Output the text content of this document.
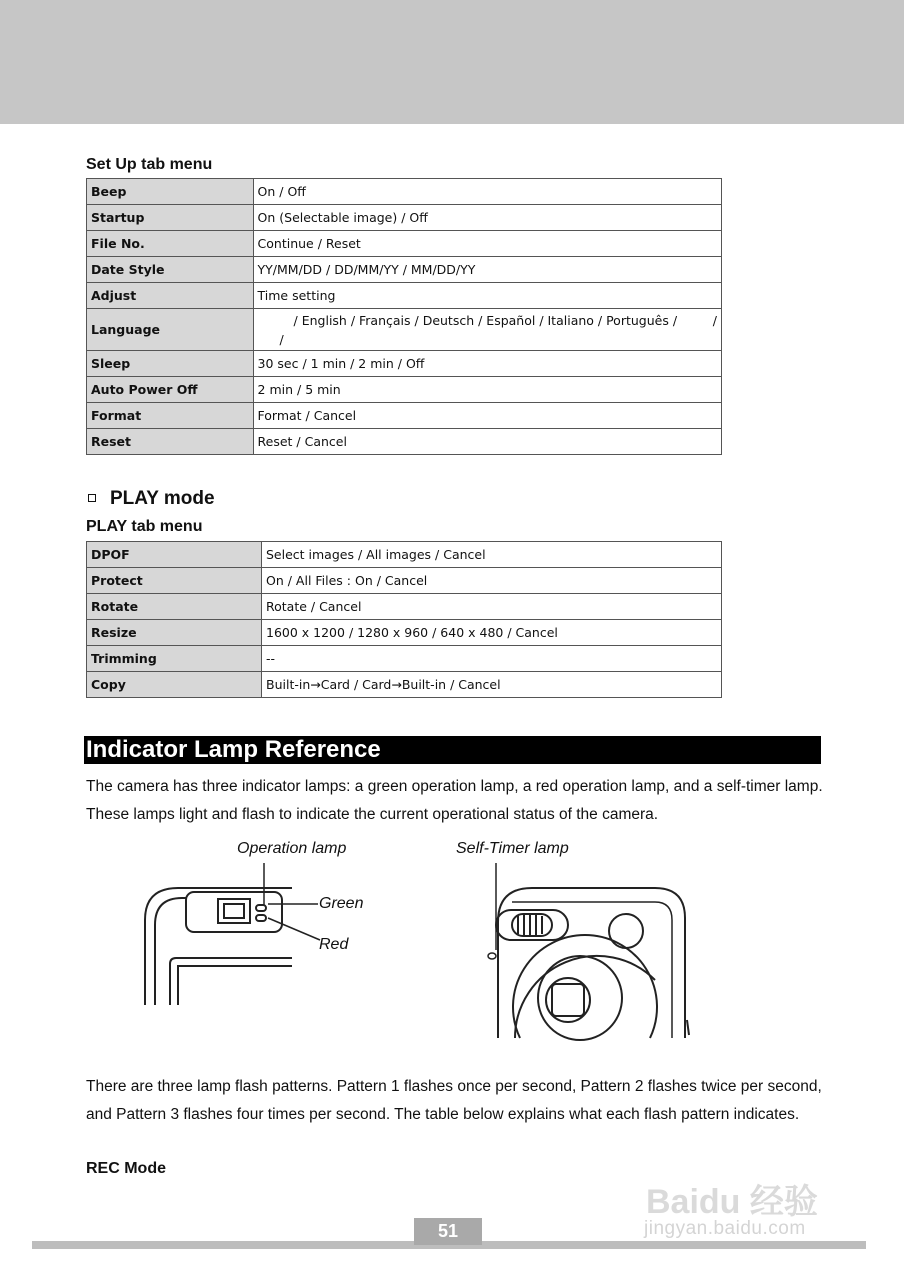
Set Up tab menu
Beep	On / Off
Startup	On (Selectable image) / Off
File No.	Continue / Reset
Date Style	YY/MM/DD / DD/MM/YY / MM/DD/YY
Adjust	Time setting
Language	/ English / Français / Deutsch / Español / Italiano / Português /         /
/

Sleep	30 sec / 1 min / 2 min / Off
Auto Power Off	2 min / 5 min
Format	Format / Cancel
Reset	Reset / Cancel
PLAY mode
PLAY tab menu
DPOF	Select images / All images / Cancel
Protect	On / All Files : On / Cancel
Rotate	Rotate / Cancel
Resize	1600 x 1200 / 1280 x 960 / 640 x 480 / Cancel
Trimming	--
Copy	Built-in→Card / Card→Built-in / Cancel
Indicator Lamp Reference
The camera has three indicator lamps: a green operation lamp, a red operation lamp, and a self-timer lamp. These lamps light and flash to indicate the current operational status of the camera.
Operation lamp	Self-Timer lamp
Green
Red
There are three lamp flash patterns. Pattern 1 flashes once per second, Pattern 2 flashes twice per second, and Pattern 3 flashes four times per second. The table below explains what each flash pattern indicates.
REC Mode
Baidu 经验
jingyan.baidu.com
51
